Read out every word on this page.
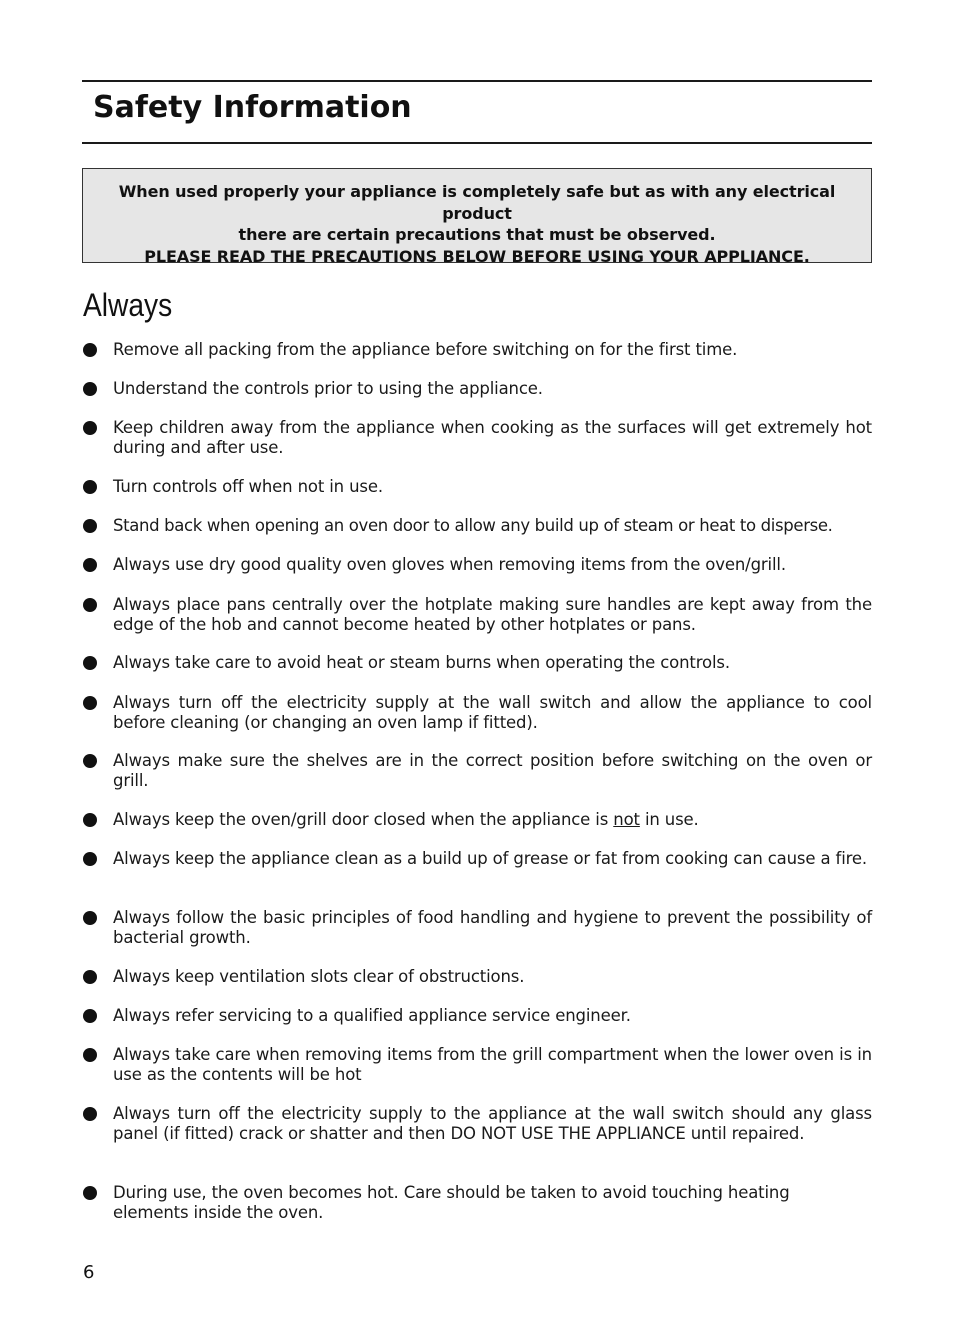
Safety Information
When used properly your appliance is completely safe but as with any electrical product
there are certain precautions that must be observed.
PLEASE READ THE PRECAUTIONS BELOW BEFORE USING YOUR APPLIANCE.
Always
Remove all packing from the appliance before switching on for the first time.
Understand the controls prior to using the appliance.
Keep children away from the appliance when cooking as the surfaces will get extremely hot during and after use.
Turn controls off when not in use.
Stand back when opening an oven door to allow any build up of steam or heat to disperse.
Always use dry good quality oven gloves when removing items from the oven/grill.
Always place pans centrally over the hotplate making sure handles are kept away from the edge of the hob and cannot become heated by other hotplates or pans.
Always take care to avoid heat or steam burns when operating the controls.
Always turn off the electricity supply at the wall switch and allow the appliance to cool before cleaning (or changing an oven lamp if fitted).
Always make sure the shelves are in the correct position before switching on the oven or grill.
Always keep the oven/grill door closed when the appliance is not in use.
Always keep the appliance clean as a build up of grease or fat from cooking can cause a fire.
Always follow the basic principles of food handling and hygiene to prevent the possibility of bacterial growth.
Always keep ventilation slots clear of obstructions.
Always refer servicing to a qualified appliance service engineer.
Always take care when removing items from the grill compartment when the lower oven is in use as the contents will be hot
Always turn off the electricity supply to the appliance at the wall switch should any glass panel (if fitted) crack or shatter and then DO NOT USE THE APPLIANCE until repaired.
During use, the oven becomes hot. Care should be taken to avoid touching heating elements inside the oven.
6
